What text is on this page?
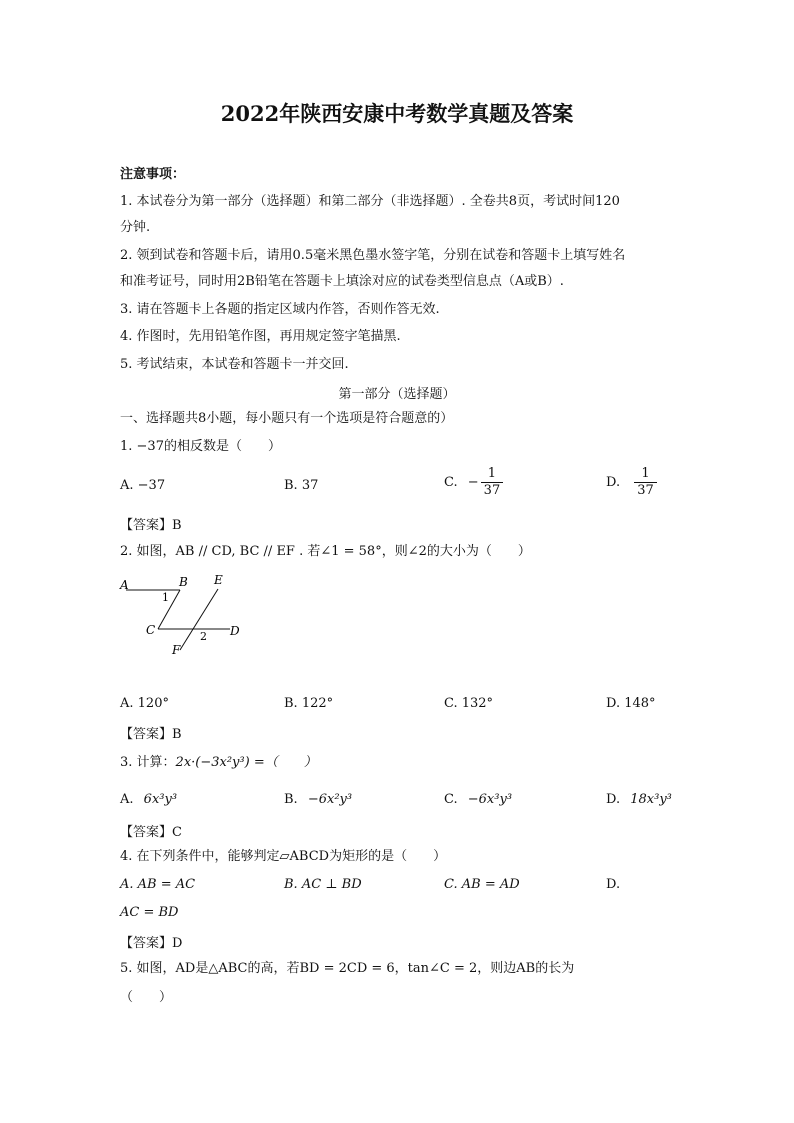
2022年陕西安康中考数学真题及答案
注意事项：
1. 本试卷分为第一部分（选择题）和第二部分（非选择题）. 全卷共8页，考试时间120
分钟.
2. 领到试卷和答题卡后，请用0.5毫米黑色墨水签字笔，分别在试卷和答题卡上填写姓名
和准考证号，同时用2B铅笔在答题卡上填涂对应的试卷类型信息点（A或B）.
3. 请在答题卡上各题的指定区域内作答，否则作答无效.
4. 作图时，先用铅笔作图，再用规定签字笔描黑.
5. 考试结束，本试卷和答题卡一并交回.
第一部分（选择题）
一、选择题共8小题，每小题只有一个选项是符合题意的）
1. −37的相反数是（　　）
A. −37	B. 37	C. − $\frac{1}{37}$	D. $\frac{1}{37}$
【答案】B
2. 如图，AB // CD, BC // EF . 若∠1 = 58°，则∠2的大小为（　　）
A	B E
1
C	2 D
F
A. 120°	B. 122°	C. 132°	D. 148°
【答案】B
3. 计算：2x·(−3x²y³) =（　　）
A. 6x³y³	B. −6x²y³	C. −6x³y³	D. 18x³y³
【答案】C
4. 在下列条件中，能够判定▱ABCD为矩形的是（　　）
A. AB = AC	B. AC ⊥ BD	C. AB = AD	D.
AC = BD
【答案】D
5. 如图，AD是△ABC的高，若BD = 2CD = 6，tan∠C = 2，则边AB的长为
（　　）
